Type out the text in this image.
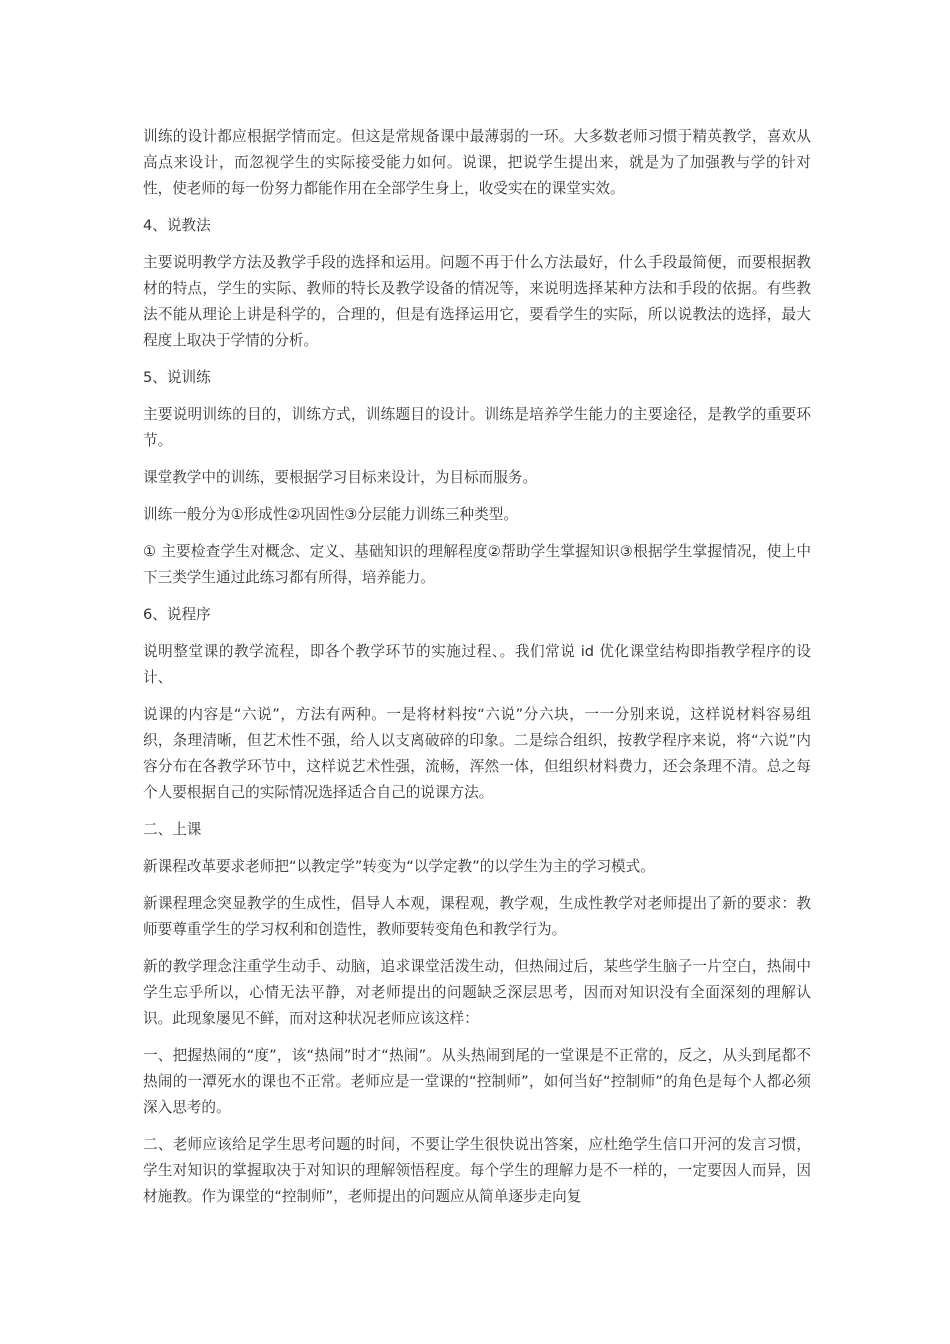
训练的设计都应根据学情而定。但这是常规备课中最薄弱的一环。大多数老师习惯于精英教学，喜欢从高点来设计，而忽视学生的实际接受能力如何。说课，把说学生提出来，就是为了加强教与学的针对性，使老师的每一份努力都能作用在全部学生身上，收受实在的课堂实效。

4、说教法

主要说明教学方法及教学手段的选择和运用。问题不再于什么方法最好，什么手段最简便，而要根据教材的特点，学生的实际、教师的特长及教学设备的情况等，来说明选择某种方法和手段的依据。有些教法不能从理论上讲是科学的，合理的，但是有选择运用它，要看学生的实际，所以说教法的选择，最大程度上取决于学情的分析。

5、说训练

主要说明训练的目的，训练方式，训练题目的设计。训练是培养学生能力的主要途径，是教学的重要环节。

课堂教学中的训练，要根据学习目标来设计，为目标而服务。

训练一般分为①形成性②巩固性③分层能力训练三种类型。

① 主要检查学生对概念、定义、基础知识的理解程度②帮助学生掌握知识③根据学生掌握情况，使上中下三类学生通过此练习都有所得，培养能力。

6、说程序

说明整堂课的教学流程，即各个教学环节的实施过程、。我们常说 id 优化课堂结构即指教学程序的设计、

说课的内容是“六说”，方法有两种。一是将材料按“六说”分六块，一一分别来说，这样说材料容易组织，条理清晰，但艺术性不强，给人以支离破碎的印象。二是综合组织，按教学程序来说，将“六说”内容分布在各教学环节中，这样说艺术性强，流畅，浑然一体，但组织材料费力，还会条理不清。总之每个人要根据自己的实际情况选择适合自己的说课方法。

二、上课

新课程改革要求老师把“以教定学”转变为“以学定教”的以学生为主的学习模式。

新课程理念突显教学的生成性，倡导人本观，课程观，教学观，生成性教学对老师提出了新的要求：教师要尊重学生的学习权利和创造性，教师要转变角色和教学行为。

新的教学理念注重学生动手、动脑，追求课堂活泼生动，但热闹过后，某些学生脑子一片空白，热闹中学生忘乎所以，心情无法平静，对老师提出的问题缺乏深层思考，因而对知识没有全面深刻的理解认识。此现象屡见不鲜，而对这种状况老师应该这样：

一、把握热闹的“度”，该“热闹”时才“热闹”。从头热闹到尾的一堂课是不正常的，反之，从头到尾都不热闹的一潭死水的课也不正常。老师应是一堂课的“控制师”，如何当好“控制师”的角色是每个人都必须深入思考的。

二、老师应该给足学生思考问题的时间，不要让学生很快说出答案，应杜绝学生信口开河的发言习惯，学生对知识的掌握取决于对知识的理解领悟程度。每个学生的理解力是不一样的，一定要因人而异，因材施教。作为课堂的“控制师”，老师提出的问题应从简单逐步走向复
